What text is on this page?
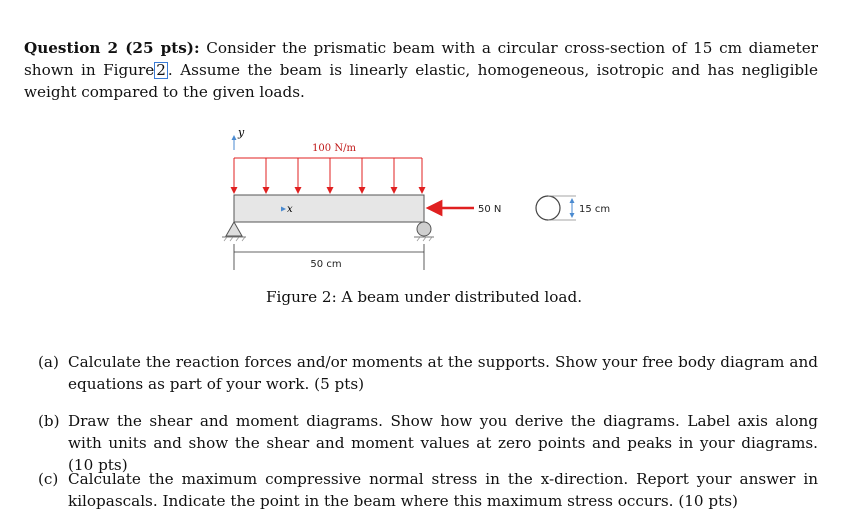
Question 2 (25 pts): Consider the prismatic beam with a circular cross-section of 15 cm diameter shown in Figure 2 . Assume the beam is linearly elastic, homogeneous, isotropic and has negligible weight compared to the given loads.
y
100 N/m
x	50 N
50 cm
15 cm
Figure 2: A beam under distributed load.
(a) Calculate the reaction forces and/or moments at the supports. Show your free body diagram and equations as part of your work. (5 pts)
(b) Draw the shear and moment diagrams. Show how you derive the diagrams. Label axis along with units and show the shear and moment values at zero points and peaks in your diagrams. (10 pts)
(c) Calculate the maximum compressive normal stress in the x-direction. Report your answer in kilopascals. Indicate the point in the beam where this maximum stress occurs. (10 pts)
